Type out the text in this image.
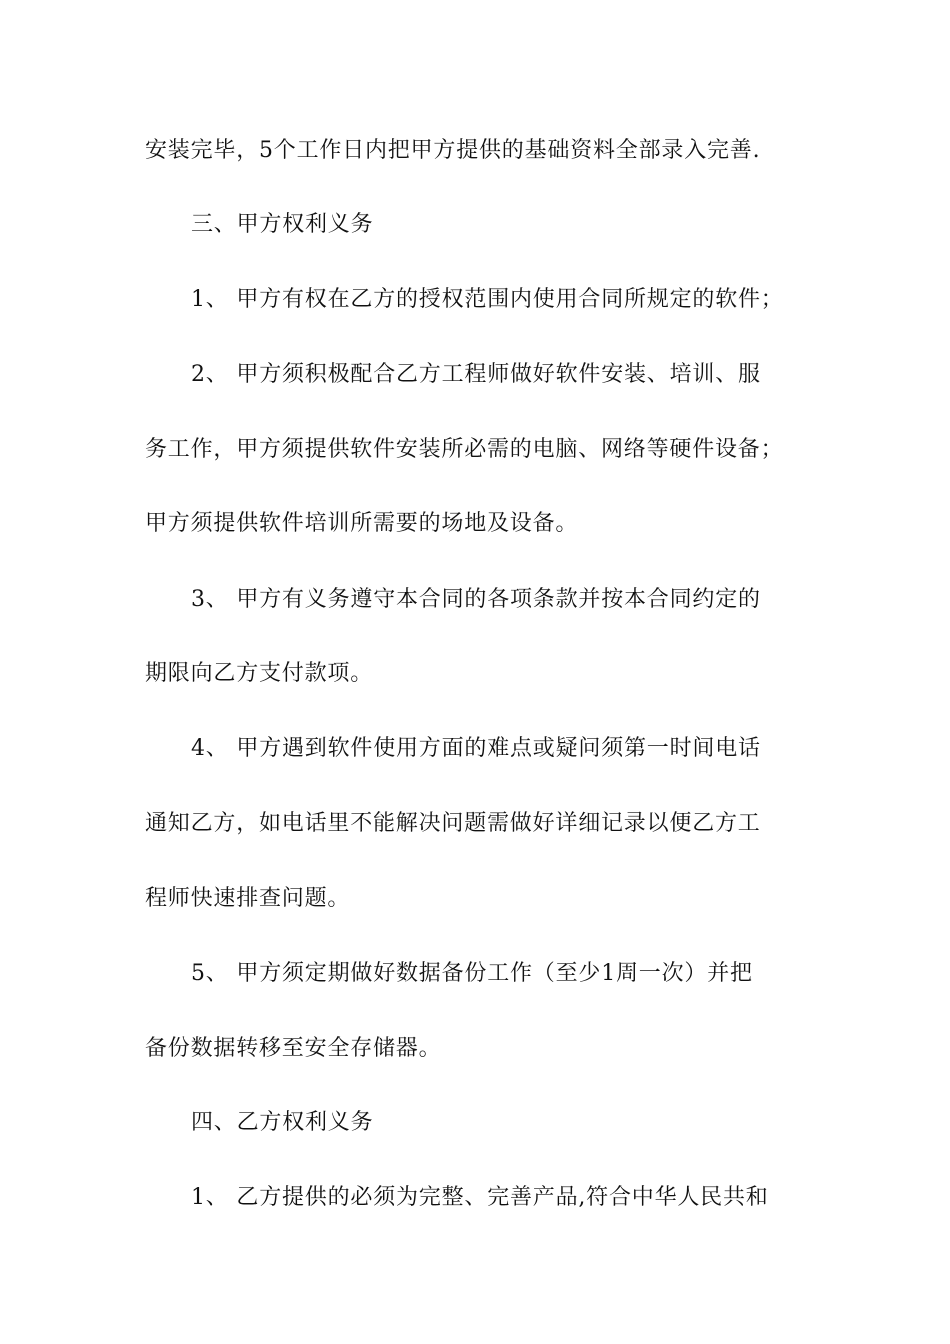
安装完毕，5个工作日内把甲方提供的基础资料全部录入完善.
三、甲方权利义务
1、 甲方有权在乙方的授权范围内使用合同所规定的软件；
2、 甲方须积极配合乙方工程师做好软件安装、培训、服
务工作，甲方须提供软件安装所必需的电脑、网络等硬件设备；
甲方须提供软件培训所需要的场地及设备。
3、 甲方有义务遵守本合同的各项条款并按本合同约定的
期限向乙方支付款项。
4、 甲方遇到软件使用方面的难点或疑问须第一时间电话
通知乙方，如电话里不能解决问题需做好详细记录以便乙方工
程师快速排查问题。
5、 甲方须定期做好数据备份工作（至少1周一次）并把
备份数据转移至安全存储器。
四、乙方权利义务
1、 乙方提供的必须为完整、完善产品,符合中华人民共和
